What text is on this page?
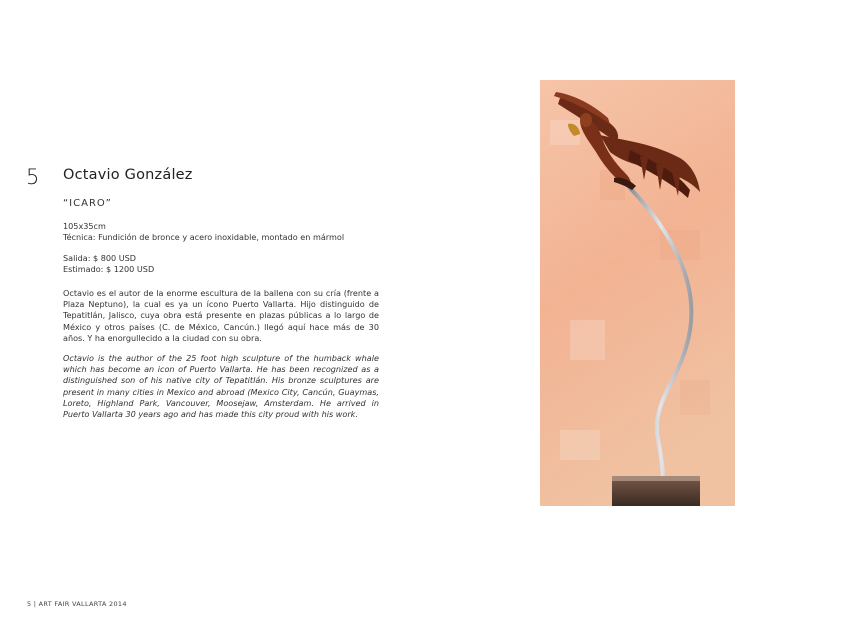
5 Octavio González
“ICARO”

105x35cm

Técnica: Fundición de bronce y acero inoxidable, montado en mármol

Salida: $ 800 USD

Estimado: $ 1200 USD

Octavio es el autor de la enorme escultura de la ballena con su cría (frente a Plaza Neptuno), la cual es ya un ícono Puerto Vallarta. Hijo distinguido de Tepatitlán, Jalisco, cuya obra está presente en plazas públicas a lo largo de México y otros países (C. de México, Cancún.) llegó aquí hace más de 30 años. Y ha enorgullecido a la ciudad con su obra.

Octavio is the author of the 25 foot high sculpture of the humback whale which has become an icon of Puerto Vallarta. He has been recognized as a distinguished son of his native city of Tepatitlán. His bronze sculptures are present in many cities in Mexico and abroad (Mexico City, Cancún, Guaymas, Loreto, Highland Park, Vancouver, Moosejaw, Amsterdam. He arrived in Puerto Vallarta 30 years ago and has made this city proud with his work.

5 | ART FAIR VALLARTA 2014
